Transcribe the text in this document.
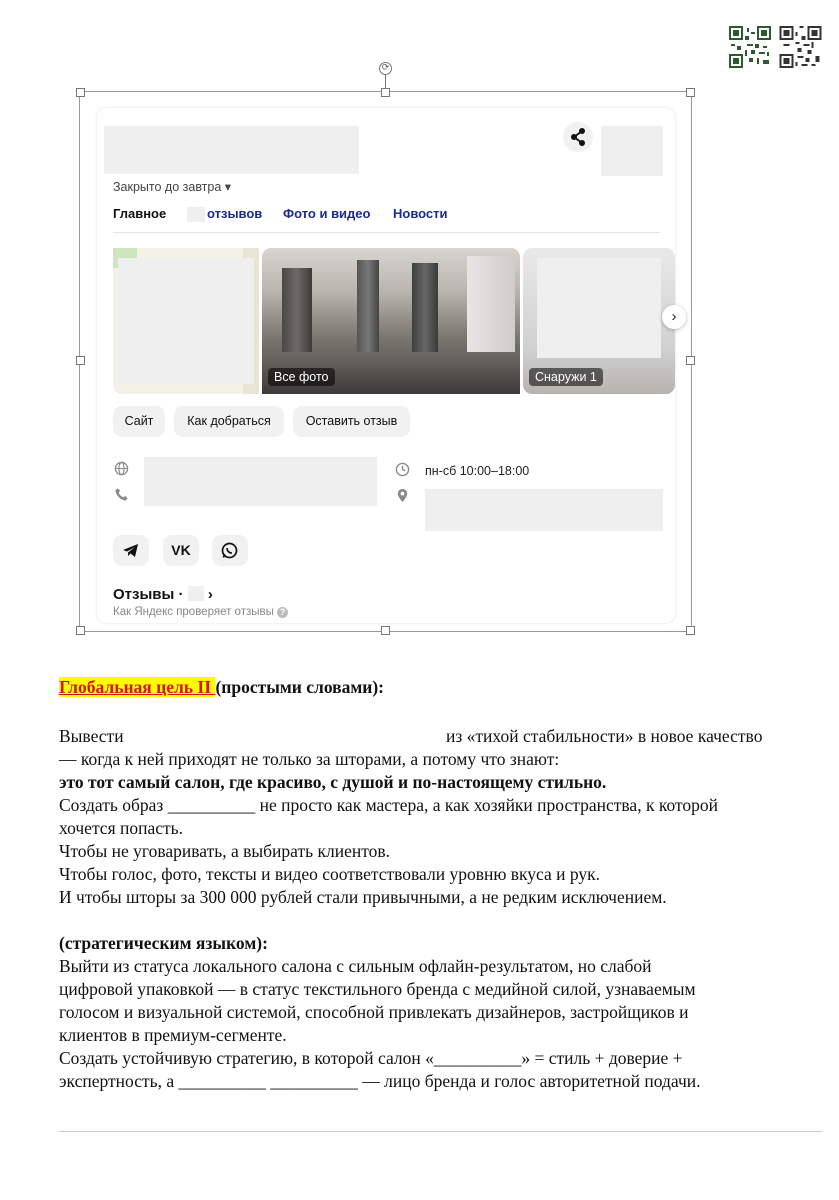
⟳
Закрыто до завтра ▾
Главное	отзывов Фото и видео Новости
Все фото	Снаружи 1
›
Сайт	Как добраться	Оставить отзыв
пн-сб 10:00–18:00
VK
Отзывы · ›
Как Яндекс проверяет отзывы ?
Глобальная цель II (простыми словами):
Вывести	из «тихой стабильности» в новое качество
— когда к ней приходят не только за шторами, а потому что знают:
это тот самый салон, где красиво, с душой и по-настоящему стильно.
Создать образ __________ не просто как мастера, а как хозяйки пространства, к которой
хочется попасть.
Чтобы не уговаривать, а выбирать клиентов.
Чтобы голос, фото, тексты и видео соответствовали уровню вкуса и рук.
И чтобы шторы за 300 000 рублей стали привычными, а не редким исключением.
(стратегическим языком):
Выйти из статуса локального салона с сильным офлайн-результатом, но слабой
цифровой упаковкой — в статус текстильного бренда с медийной силой, узнаваемым
голосом и визуальной системой, способной привлекать дизайнеров, застройщиков и
клиентов в премиум-сегменте.
Создать устойчивую стратегию, в которой салон «__________» = стиль + доверие +
экспертность, а __________ __________ — лицо бренда и голос авторитетной подачи.
